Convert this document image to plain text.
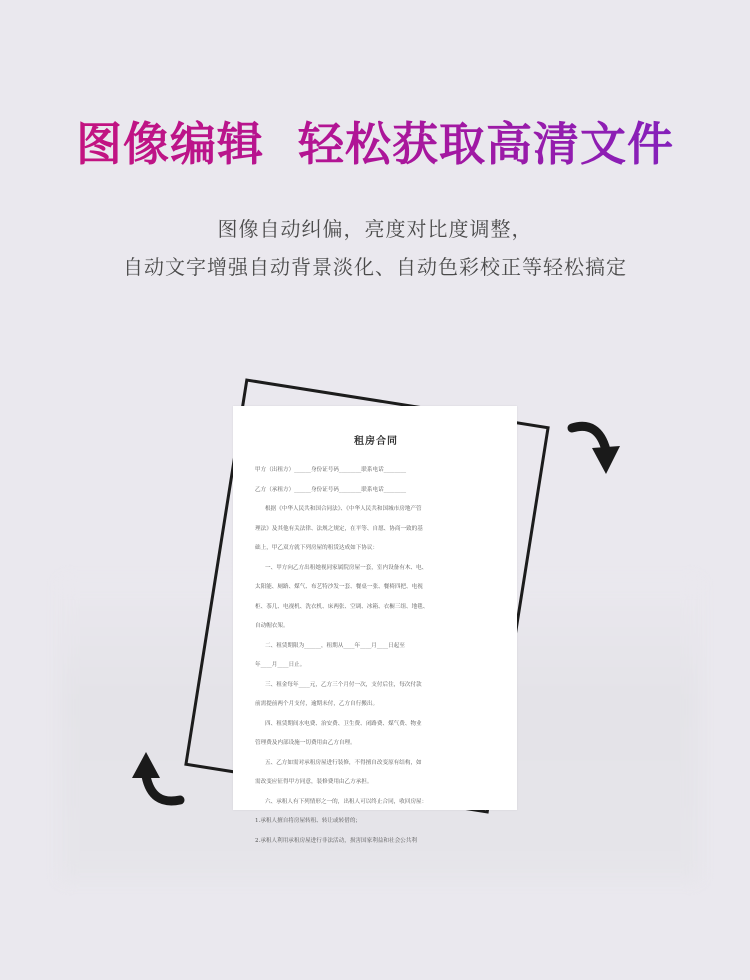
图像编辑  轻松获取高清文件
图像自动纠偏，亮度对比度调整，
自动文字增强自动背景淡化、自动色彩校正等轻松搞定
租房合同
甲方（出租方）______身份证号码________联系电话________
乙方（承租方）______身份证号码________联系电话________
根据《中华人民共和国合同法》、《中华人民共和国城市房地产管
理法》及其他有关法律、法规之规定，在平等、自愿、协商一致的基
础上，甲乙双方就下列房屋的租赁达成如下协议：
一、甲方向乙方出租她视同家属院房屋一套，室内设备有木、电、
太阳能、厕路、煤气、布艺特沙发一套、餐桌一张、餐椅四把、电视
柜、茶几、电视机、洗衣机、床两张、空调、冰箱、衣橱三组、地毯、
自动帽衣架。
二、租赁期限为______，租期从____年____月____日起至
年____月____日止。
三、租金每年____元，乙方三个月付一次，支付后住，每次付款
前需提前两个月支付，逾期未付，乙方自行搬出。
四、租赁期间水电费、治安费、卫生费、闭路费、煤气费、物业
管理费及内部设施一切费用由乙方自理。
五、乙方如需对承租房屋进行装修，不得擅自改变原有结构，如
需改变应征得甲方同意，装修费用由乙方承担。
六、承租人有下列情形之一的，出租人可以终止合同，收回房屋：
1.承租人擅自将房屋转租、转让或转借的；
2.承租人利用承租房屋进行非法活动，损害国家利益和社会公共利
